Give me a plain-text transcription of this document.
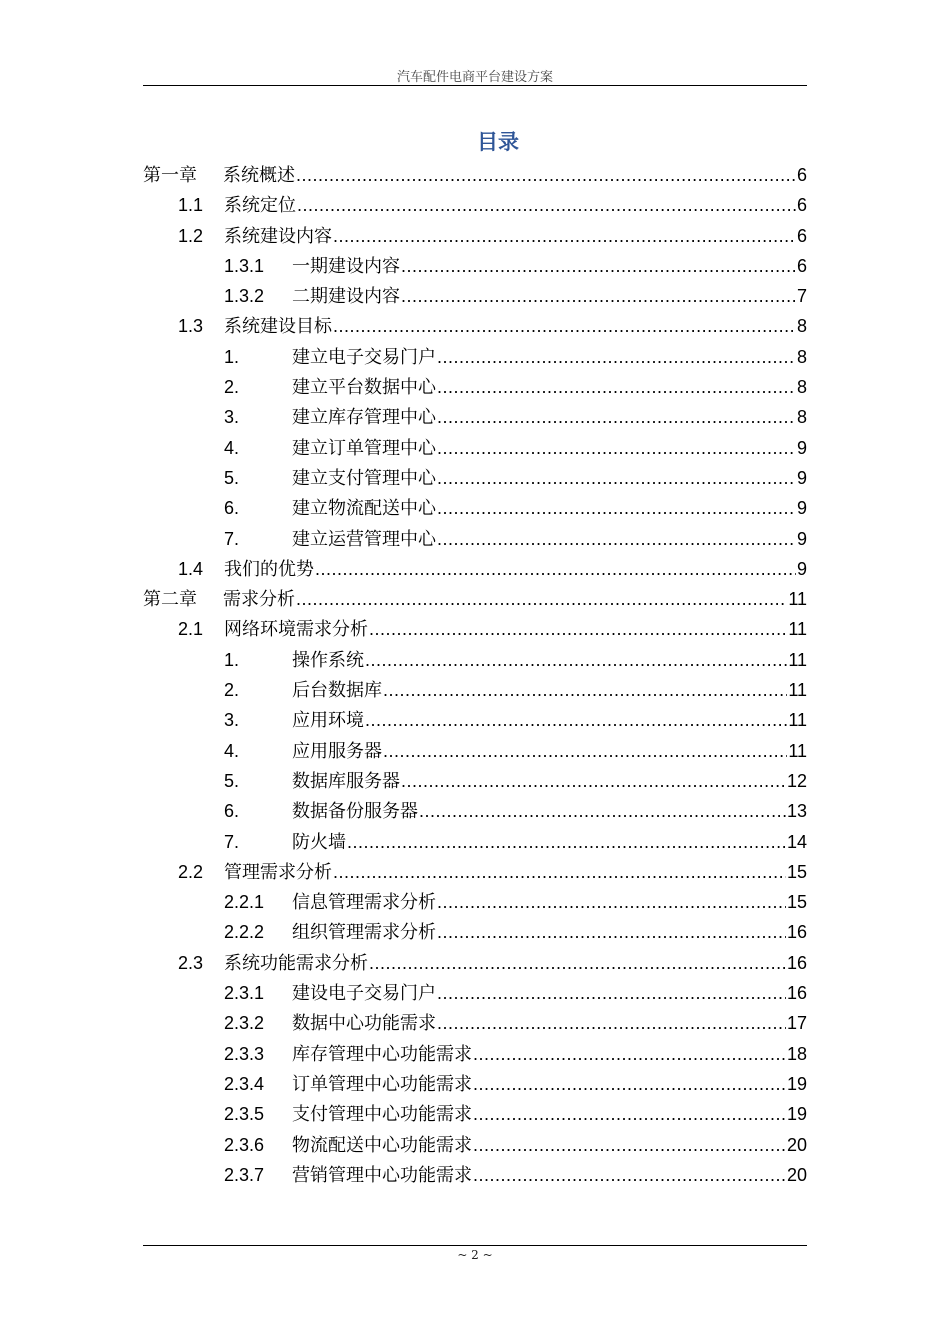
汽车配件电商平台建设方案
目录
第一章	系统概述 .....	6
1.1	系统定位 .....	6
1.2	系统建设内容 .....	6
1.3.1	一期建设内容 .....	6
1.3.2	二期建设内容 .....	7
1.3	系统建设目标 .....	8
1.	建立电子交易门户 .....	8
2.	建立平台数据中心 .....	8
3.	建立库存管理中心 .....	8
4.	建立订单管理中心 .....	9
5.	建立支付管理中心 .....	9
6.	建立物流配送中心 .....	9
7.	建立运营管理中心 .....	9
1.4	我们的优势 .....	9
第二章	需求分析 .....	11
2.1	网络环境需求分析 .....	11
1.	操作系统 .....	11
2.	后台数据库 .....	11
3.	应用环境 .....	11
4.	应用服务器 .....	11
5.	数据库服务器 .....	12
6.	数据备份服务器 .....	13
7.	防火墙 .....	14
2.2	管理需求分析 .....	15
2.2.1	信息管理需求分析 .....	15
2.2.2	组织管理需求分析 .....	16
2.3	系统功能需求分析 .....	16
2.3.1	建设电子交易门户 .....	16
2.3.2	数据中心功能需求 .....	17
2.3.3	库存管理中心功能需求 .....	18
2.3.4	订单管理中心功能需求 .....	19
2.3.5	支付管理中心功能需求 .....	19
2.3.6	物流配送中心功能需求 .....	20
2.3.7	营销管理中心功能需求 .....	20
~ 2 ~
